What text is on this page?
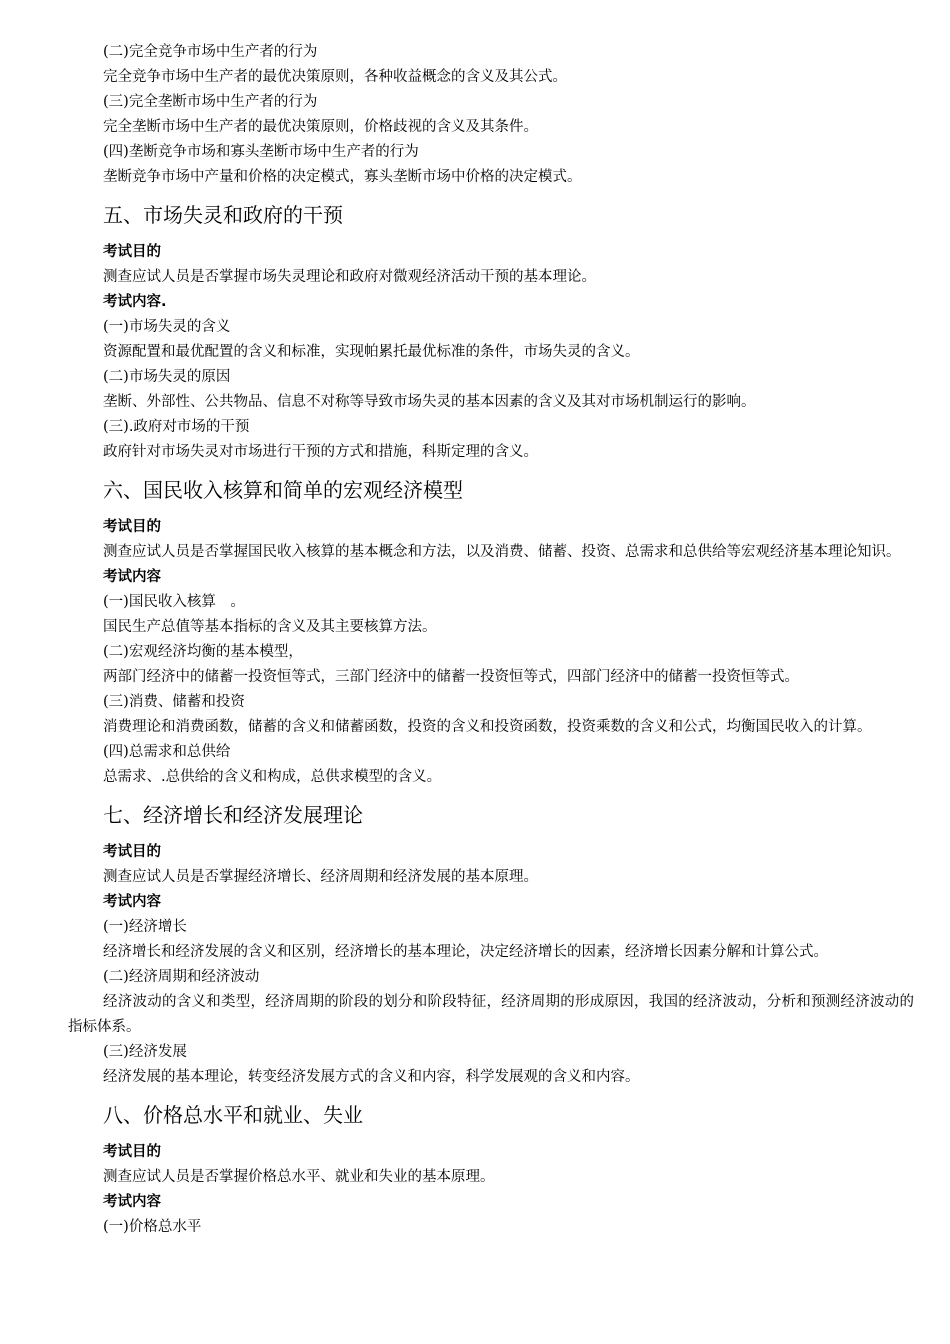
(二)完全竞争市场中生产者的行为
完全竞争市场中生产者的最优决策原则，各种收益概念的含义及其公式。
(三)完全垄断市场中生产者的行为
完全垄断市场中生产者的最优决策原则，价格歧视的含义及其条件。
(四)垄断竞争市场和寡头垄断市场中生产者的行为
垄断竞争市场中产量和价格的决定模式，寡头垄断市场中价格的决定模式。
五、市场失灵和政府的干预
考试目的
测查应试人员是否掌握市场失灵理论和政府对微观经济活动干预的基本理论。
考试内容.
(一)市场失灵的含义
资源配置和最优配置的含义和标准，实现帕累托最优标准的条件，市场失灵的含义。
(二)市场失灵的原因
垄断、外部性、公共物品、信息不对称等导致市场失灵的基本因素的含义及其对市场机制运行的影响。
(三).政府对市场的干预
政府针对市场失灵对市场进行干预的方式和措施，科斯定理的含义。
六、国民收入核算和简单的宏观经济模型
考试目的
测查应试人员是否掌握国民收入核算的基本概念和方法，以及消费、储蓄、投资、总需求和总供给等宏观经济基本理论知识。
考试内容
(一)国民收入核算　。
国民生产总值等基本指标的含义及其主要核算方法。
(二)宏观经济均衡的基本模型，
两部门经济中的储蓄一投资恒等式，三部门经济中的储蓄一投资恒等式，四部门经济中的储蓄一投资恒等式。
(三)消费、储蓄和投资
消费理论和消费函数，储蓄的含义和储蓄函数，投资的含义和投资函数，投资乘数的含义和公式，均衡国民收入的计算。
(四)总需求和总供给
总需求、.总供给的含义和构成，总供求模型的含义。
七、经济增长和经济发展理论
考试目的
测查应试人员是否掌握经济增长、经济周期和经济发展的基本原理。
考试内容
(一)经济增长
经济增长和经济发展的含义和区别，经济增长的基本理论，决定经济增长的因素，经济增长因素分解和计算公式。
(二)经济周期和经济波动
经济波动的含义和类型，经济周期的阶段的划分和阶段特征，经济周期的形成原因，我国的经济波动，分析和预测经济波动的指标体系。
(三)经济发展
经济发展的基本理论，转变经济发展方式的含义和内容，科学发展观的含义和内容。
八、价格总水平和就业、失业
考试目的
测查应试人员是否掌握价格总水平、就业和失业的基本原理。
考试内容
(一)价格总水平
